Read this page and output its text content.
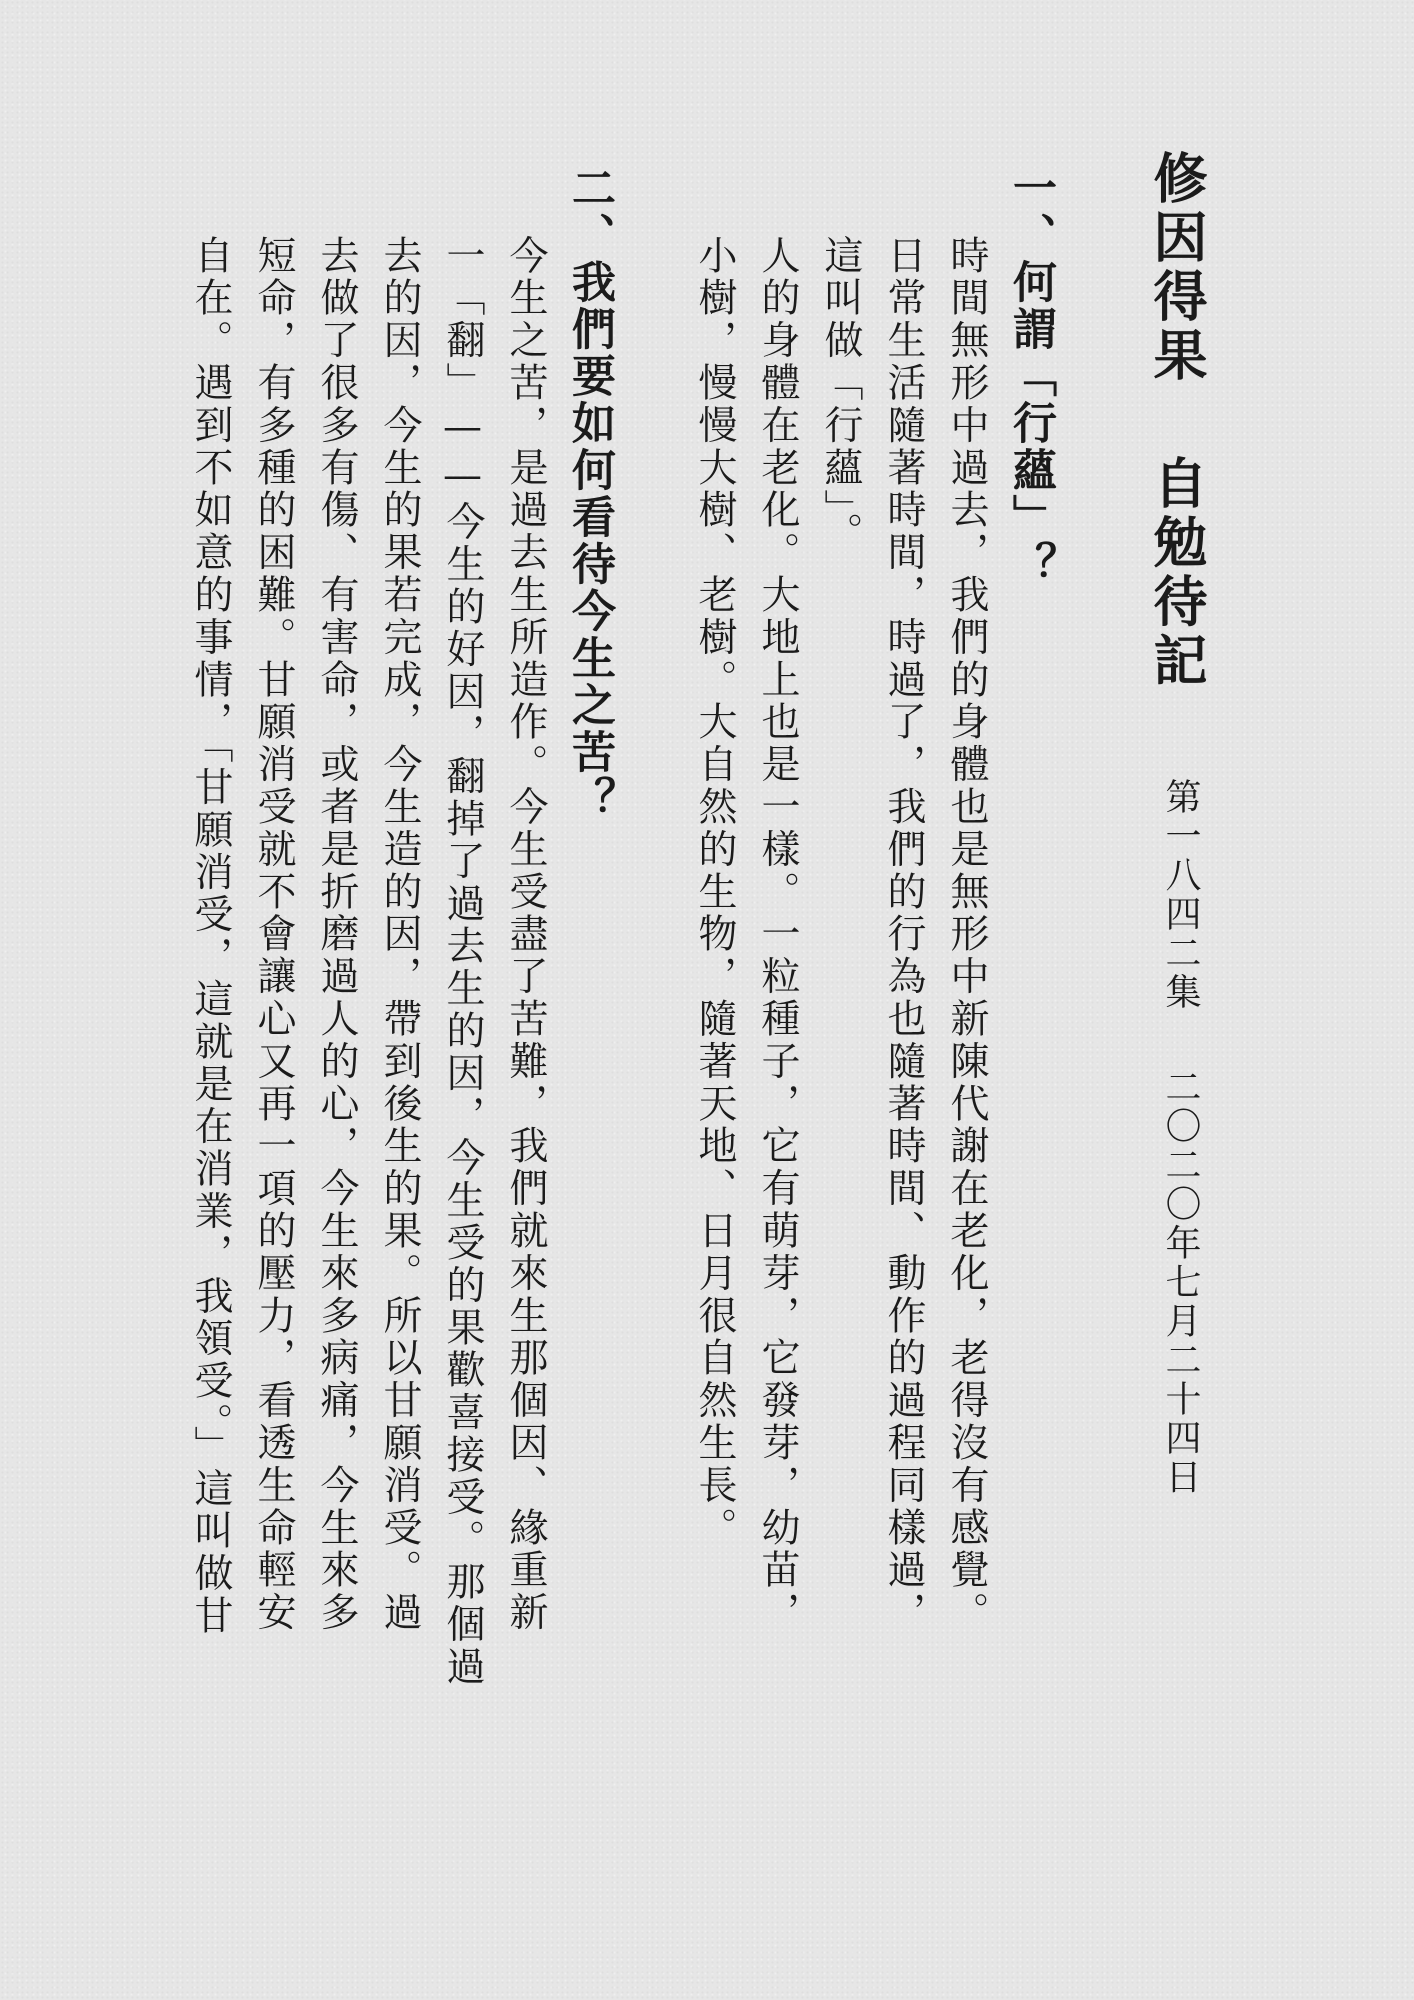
修因得果 自勉待記
第一八四二集二〇二〇年七月二十四日
一、何謂「行蘊」？
時間無形中過去，我們的身體也是無形中新陳代謝在老化，老得沒有感覺。
日常生活隨著時間，時過了，我們的行為也隨著時間、動作的過程同樣過，
這叫做「行蘊」。
人的身體在老化。大地上也是一樣。一粒種子，它有萌芽，它發芽，幼苗，
小樹，慢慢大樹、老樹。大自然的生物，隨著天地、日月很自然生長。
二、我們要如何看待今生之苦？
今生之苦，是過去生所造作。今生受盡了苦難，我們就來生那個因、緣重新
一「翻」——今生的好因，翻掉了過去生的因，今生受的果歡喜接受。那個過
去的因，今生的果若完成，今生造的因，帶到後生的果。所以甘願消受。過
去做了很多有傷、有害命，或者是折磨過人的心，今生來多病痛，今生來多
短命，有多種的困難。甘願消受就不會讓心又再一項的壓力，看透生命輕安
自在。遇到不如意的事情，「甘願消受，這就是在消業，我領受。」這叫做甘
